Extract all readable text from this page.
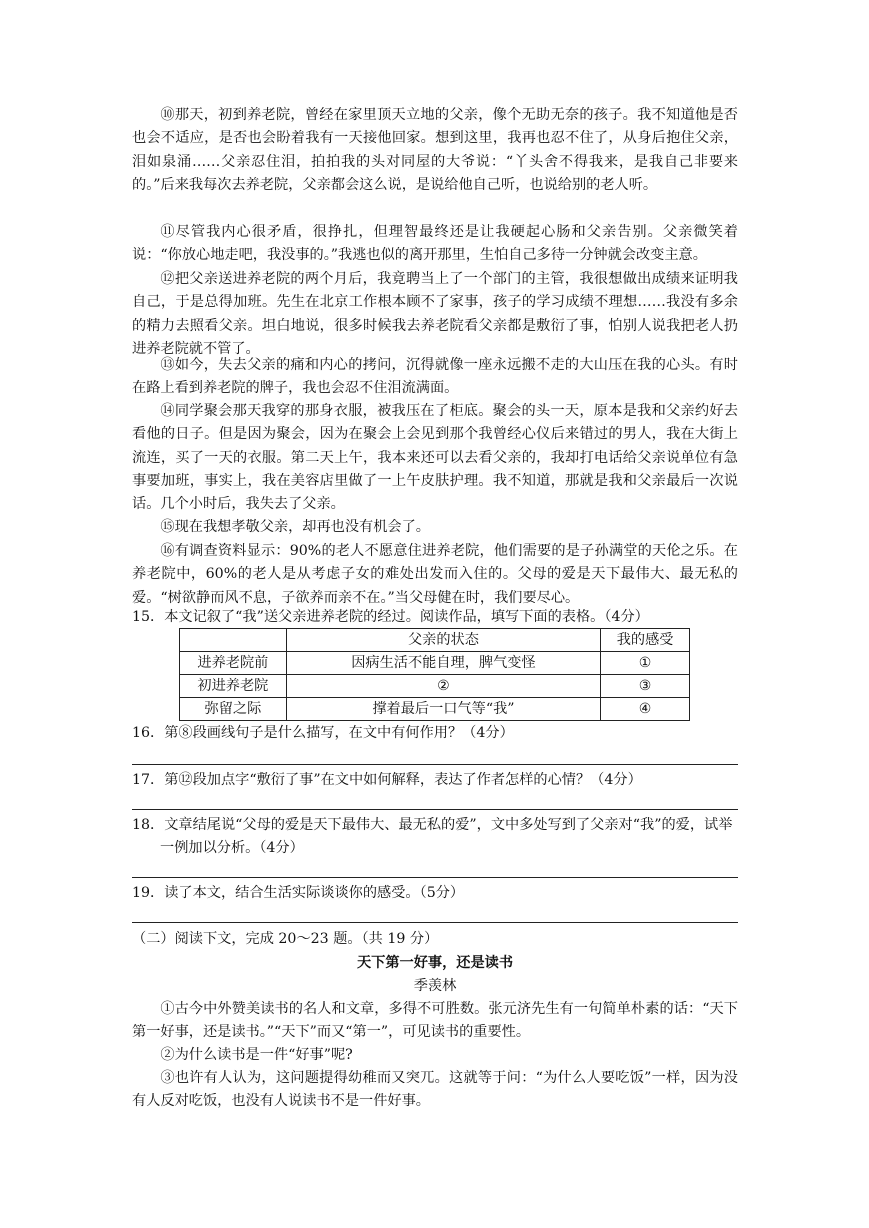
⑩那天，初到养老院，曾经在家里顶天立地的父亲，像个无助无奈的孩子。我不知道他是否也会不适应，是否也会盼着我有一天接他回家。想到这里，我再也忍不住了，从身后抱住父亲，泪如泉涌……父亲忍住泪，拍拍我的头对同屋的大爷说：“丫头舍不得我来，是我自己非要来的。”后来我每次去养老院，父亲都会这么说，是说给他自己听，也说给别的老人听。

⑪尽管我内心很矛盾，很挣扎，但理智最终还是让我硬起心肠和父亲告别。父亲微笑着说：“你放心地走吧，我没事的。”我逃也似的离开那里，生怕自己多待一分钟就会改变主意。

⑫把父亲送进养老院的两个月后，我竟聘当上了一个部门的主管，我很想做出成绩来证明我自己，于是总得加班。先生在北京工作根本顾不了家事，孩子的学习成绩不理想……我没有多余的精力去照看父亲。坦白地说，很多时候我去养老院看父亲都是敷衍了事，怕别人说我把老人扔进养老院就不管了。

⑬如今，失去父亲的痛和内心的拷问，沉得就像一座永远搬不走的大山压在我的心头。有时在路上看到养老院的牌子，我也会忍不住泪流满面。

⑭同学聚会那天我穿的那身衣服，被我压在了柜底。聚会的头一天，原本是我和父亲约好去看他的日子。但是因为聚会，因为在聚会上会见到那个我曾经心仪后来错过的男人，我在大街上流连，买了一天的衣服。第二天上午，我本来还可以去看父亲的，我却打电话给父亲说单位有急事要加班，事实上，我在美容店里做了一上午皮肤护理。我不知道，那就是我和父亲最后一次说话。几个小时后，我失去了父亲。

⑮现在我想孝敬父亲，却再也没有机会了。

⑯有调查资料显示：90%的老人不愿意住进养老院，他们需要的是子孙满堂的天伦之乐。在养老院中，60%的老人是从考虑子女的难处出发而入住的。父母的爱是天下最伟大、最无私的爱。“树欲静而风不息，子欲养而亲不在。”当父母健在时，我们要尽心。

15．本文记叙了“我”送父亲进养老院的经过。阅读作品，填写下面的表格。（4分）

	父亲的状态	我的感受
进养老院前	因病生活不能自理，脾气变怪	①
初进养老院	②	③
弥留之际	撑着最后一口气等“我”	④

16．第⑧段画线句子是什么描写，在文中有何作用？（4分）

17．第⑫段加点字“敷衍了事”在文中如何解释，表达了作者怎样的心情？（4分）

18．文章结尾说“父母的爱是天下最伟大、最无私的爱”，文中多处写到了父亲对“我”的爱，试举一例加以分析。（4分）

19．读了本文，结合生活实际谈谈你的感受。（5分）

（二）阅读下文，完成 20～23 题。（共 19 分）

天下第一好事，还是读书

季羡林

①古今中外赞美读书的名人和文章，多得不可胜数。张元济先生有一句简单朴素的话：“天下第一好事，还是读书。”“天下”而又“第一”，可见读书的重要性。

②为什么读书是一件“好事”呢?

③也许有人认为，这问题提得幼稚而又突兀。这就等于问：“为什么人要吃饭”一样，因为没有人反对吃饭，也没有人说读书不是一件好事。
